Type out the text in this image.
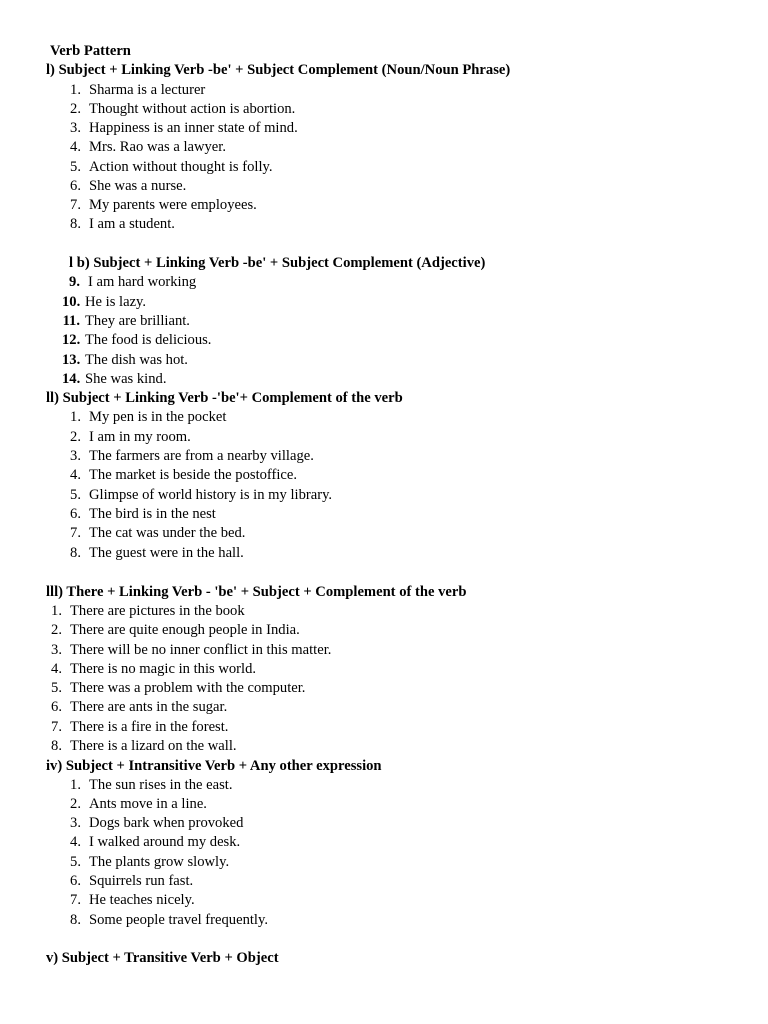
Verb Pattern
l) Subject + Linking Verb -be' + Subject Complement (Noun/Noun Phrase)
1. Sharma is a lecturer
2. Thought without action is abortion.
3. Happiness is an inner state of mind.
4. Mrs. Rao was a lawyer.
5. Action without thought is folly.
6. She was a nurse.
7. My parents were employees.
8. I am a student.
l b) Subject + Linking Verb -be' + Subject Complement (Adjective)
9. I am hard working
10. He is lazy.
11. They are brilliant.
12. The food is delicious.
13. The dish was hot.
14. She was kind.
ll) Subject + Linking Verb -'be'+ Complement of the verb
1. My pen is in the pocket
2. I am in my room.
3. The farmers are from a nearby village.
4. The market is beside the postoffice.
5. Glimpse of world history is in my library.
6. The bird is in the nest
7. The cat was under the bed.
8. The guest were in the hall.
lll) There + Linking Verb - 'be' + Subject + Complement of the verb
1. There are pictures in the book
2. There are quite enough people in India.
3. There will be no inner conflict in this matter.
4. There is no magic in this world.
5. There was a problem with the computer.
6. There are ants in the sugar.
7. There is a fire in the forest.
8. There is a lizard on the wall.
iv) Subject + Intransitive Verb + Any other expression
1. The sun rises in the east.
2. Ants move in a line.
3. Dogs bark when provoked
4. I walked around my desk.
5. The plants grow slowly.
6. Squirrels run fast.
7. He teaches nicely.
8. Some people travel frequently.
v) Subject + Transitive Verb + Object
